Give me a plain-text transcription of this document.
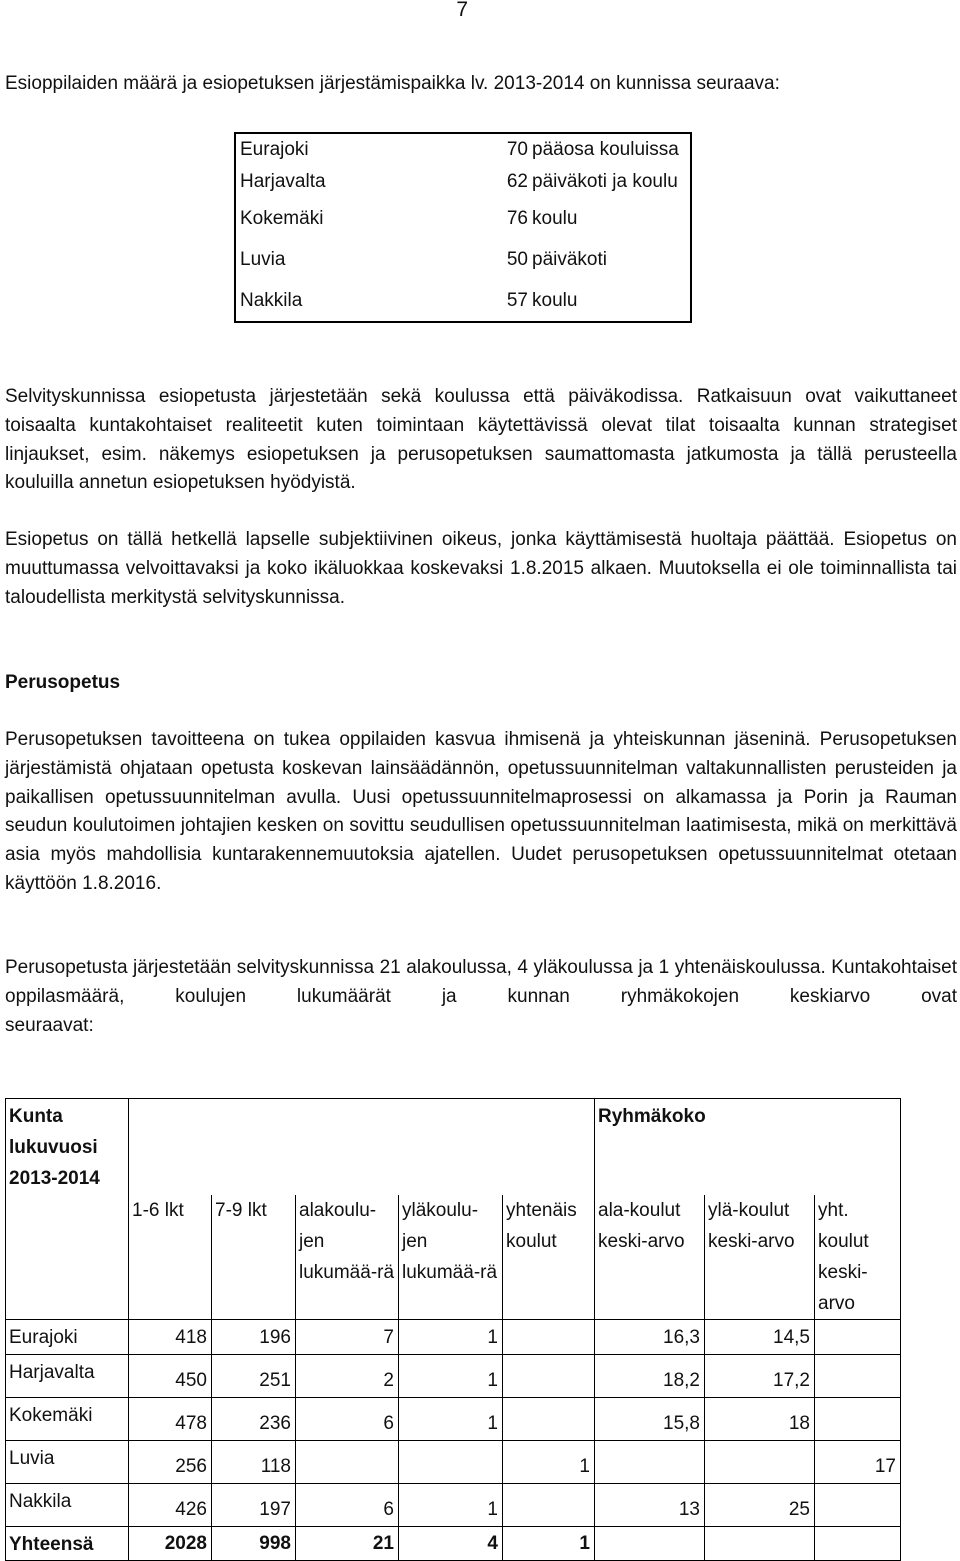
7
Esioppilaiden määrä ja esiopetuksen järjestämispaikka lv. 2013-2014 on kunnissa seuraava:
Eurajoki	70	pääosa kouluissa
Harjavalta	62	päiväkoti ja koulu
Kokemäki	76	koulu
Luvia	50	päiväkoti
Nakkila	57	koulu
Selvityskunnissa esiopetusta järjestetään sekä koulussa että päiväkodissa. Ratkaisuun ovat vaikuttaneet toisaalta kuntakohtaiset realiteetit kuten toimintaan käytettävissä olevat tilat toisaalta kunnan strategiset linjaukset, esim. näkemys esiopetuksen ja perusopetuksen saumattomasta jatkumosta ja tällä perusteella kouluilla annetun esiopetuksen hyödyistä.
Esiopetus on tällä hetkellä lapselle subjektiivinen oikeus, jonka käyttämisestä huoltaja päättää. Esiopetus on muuttumassa velvoittavaksi ja koko ikäluokkaa koskevaksi 1.8.2015 alkaen. Muutoksella ei ole toiminnallista tai taloudellista merkitystä selvityskunnissa.
Perusopetus
Perusopetuksen tavoitteena on tukea oppilaiden kasvua ihmisenä ja yhteiskunnan jäseninä. Perusopetuksen järjestämistä ohjataan opetusta koskevan lainsäädännön, opetussuunnitelman valtakunnallisten perusteiden ja paikallisen opetussuunnitelman avulla. Uusi opetussuunnitelmaprosessi on alkamassa ja Porin ja Rauman seudun koulutoimen johtajien kesken on sovittu seudullisen opetussuunnitelman laatimisesta, mikä on merkittävä asia myös mahdollisia kuntarakennemuutoksia ajatellen. Uudet perusopetuksen opetussuunnitelmat otetaan käyttöön 1.8.2016.
Perusopetusta järjestetään selvityskunnissa 21 alakoulussa, 4 yläkoulussa ja 1 yhtenäiskoulussa. Kuntakohtaiset oppilasmäärä, koulujen lukumäärät ja kunnan ryhmäkokojen keskiarvo ovat
seuraavat:
Kunta lukuvuosi 2013-2014						Ryhmäkoko		
	1-6 lkt	7-9 lkt	alakoulu-jen lukumää-rä	yläkoulu-jen lukumää-rä	yhtenäis koulut	ala-koulut keski-arvo	ylä-koulut keski-arvo	yht. koulut keski-arvo
Eurajoki	418	196	7	1		16,3	14,5	
Harjavalta	450	251	2	1		18,2	17,2	
Kokemäki	478	236	6	1		15,8	18	
Luvia	256	118			1			17
Nakkila	426	197	6	1		13	25	
Yhteensä	2028	998	21	4	1			
